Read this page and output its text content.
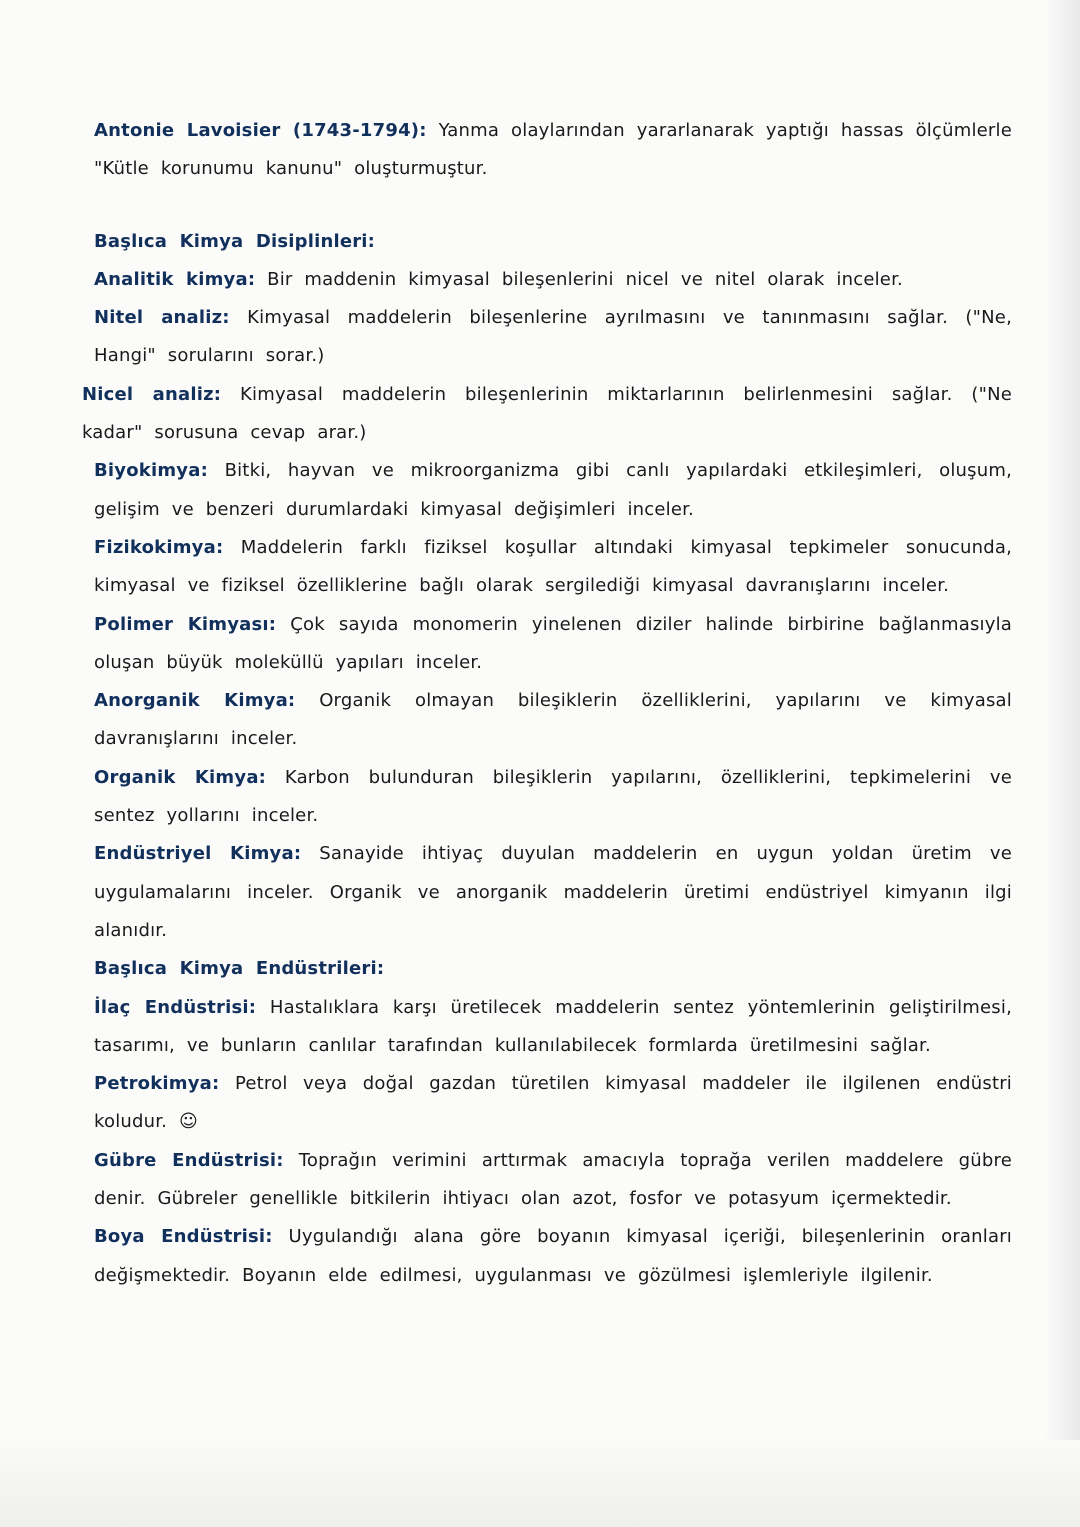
Antonie Lavoisier (1743-1794): Yanma olaylarından yararlanarak yaptığı hassas ölçümlerle "Kütle korunumu kanunu" oluşturmuştur.

Başlıca Kimya Disiplinleri:

Analitik kimya: Bir maddenin kimyasal bileşenlerini nicel ve nitel olarak inceler.

Nitel analiz: Kimyasal maddelerin bileşenlerine ayrılmasını ve tanınmasını sağlar. ("Ne, Hangi" sorularını sorar.)

Nicel analiz: Kimyasal maddelerin bileşenlerinin miktarlarının belirlenmesini sağlar. ("Ne kadar" sorusuna cevap arar.)

Biyokimya: Bitki, hayvan ve mikroorganizma gibi canlı yapılardaki etkileşimleri, oluşum, gelişim ve benzeri durumlardaki kimyasal değişimleri inceler.

Fizikokimya: Maddelerin farklı fiziksel koşullar altındaki kimyasal tepkimeler sonucunda, kimyasal ve fiziksel özelliklerine bağlı olarak sergilediği kimyasal davranışlarını inceler.

Polimer Kimyası: Çok sayıda monomerin yinelenen diziler halinde birbirine bağlanmasıyla oluşan büyük moleküllü yapıları inceler.

Anorganik Kimya: Organik olmayan bileşiklerin özelliklerini, yapılarını ve kimyasal davranışlarını inceler.

Organik Kimya: Karbon bulunduran bileşiklerin yapılarını, özelliklerini, tepkimelerini ve sentez yollarını inceler.

Endüstriyel Kimya: Sanayide ihtiyaç duyulan maddelerin en uygun yoldan üretim ve uygulamalarını inceler. Organik ve anorganik maddelerin üretimi endüstriyel kimyanın ilgi alanıdır.

Başlıca Kimya Endüstrileri:

İlaç Endüstrisi: Hastalıklara karşı üretilecek maddelerin sentez yöntemlerinin geliştirilmesi, tasarımı, ve bunların canlılar tarafından kullanılabilecek formlarda üretilmesini sağlar.

Petrokimya: Petrol veya doğal gazdan türetilen kimyasal maddeler ile ilgilenen endüstri koludur. ☺

Gübre Endüstrisi: Toprağın verimini arttırmak amacıyla toprağa verilen maddelere gübre denir. Gübreler genellikle bitkilerin ihtiyacı olan azot, fosfor ve potasyum içermektedir.

Boya Endüstrisi: Uygulandığı alana göre boyanın kimyasal içeriği, bileşenlerinin oranları değişmektedir. Boyanın elde edilmesi, uygulanması ve gözülmesi işlemleriyle ilgilenir.
